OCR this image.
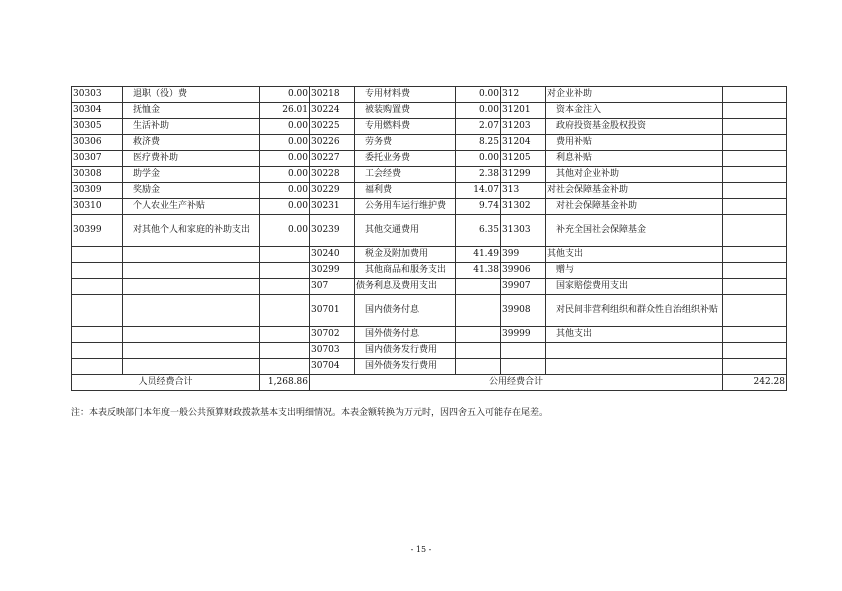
30303	退职（役）费	0.00	30218	专用材料费	0.00	312	对企业补助	
30304	抚恤金	26.01	30224	被装购置费	0.00	31201	资本金注入	
30305	生活补助	0.00	30225	专用燃料费	2.07	31203	政府投资基金股权投资	
30306	救济费	0.00	30226	劳务费	8.25	31204	费用补贴	
30307	医疗费补助	0.00	30227	委托业务费	0.00	31205	利息补贴	
30308	助学金	0.00	30228	工会经费	2.38	31299	其他对企业补助	
30309	奖励金	0.00	30229	福利费	14.07	313	对社会保障基金补助	
30310	个人农业生产补贴	0.00	30231	公务用车运行维护费	9.74	31302	对社会保障基金补助	
30399	对其他个人和家庭的补助支出	0.00	30239	其他交通费用	6.35	31303	补充全国社会保障基金	
			30240	税金及附加费用	41.49	399	其他支出	
			30299	其他商品和服务支出	41.38	39906	赠与	
			307	债务利息及费用支出		39907	国家赔偿费用支出	
			30701	国内债务付息		39908	对民间非营利组织和群众性自治组织补贴	
			30702	国外债务付息		39999	其他支出	
			30703	国内债务发行费用				
			30704	国外债务发行费用				
人员经费合计		1,268.86	公用经费合计					242.28
注：本表反映部门本年度一般公共预算财政拨款基本支出明细情况。本表金额转换为万元时，因四舍五入可能存在尾差。
- 15 -
